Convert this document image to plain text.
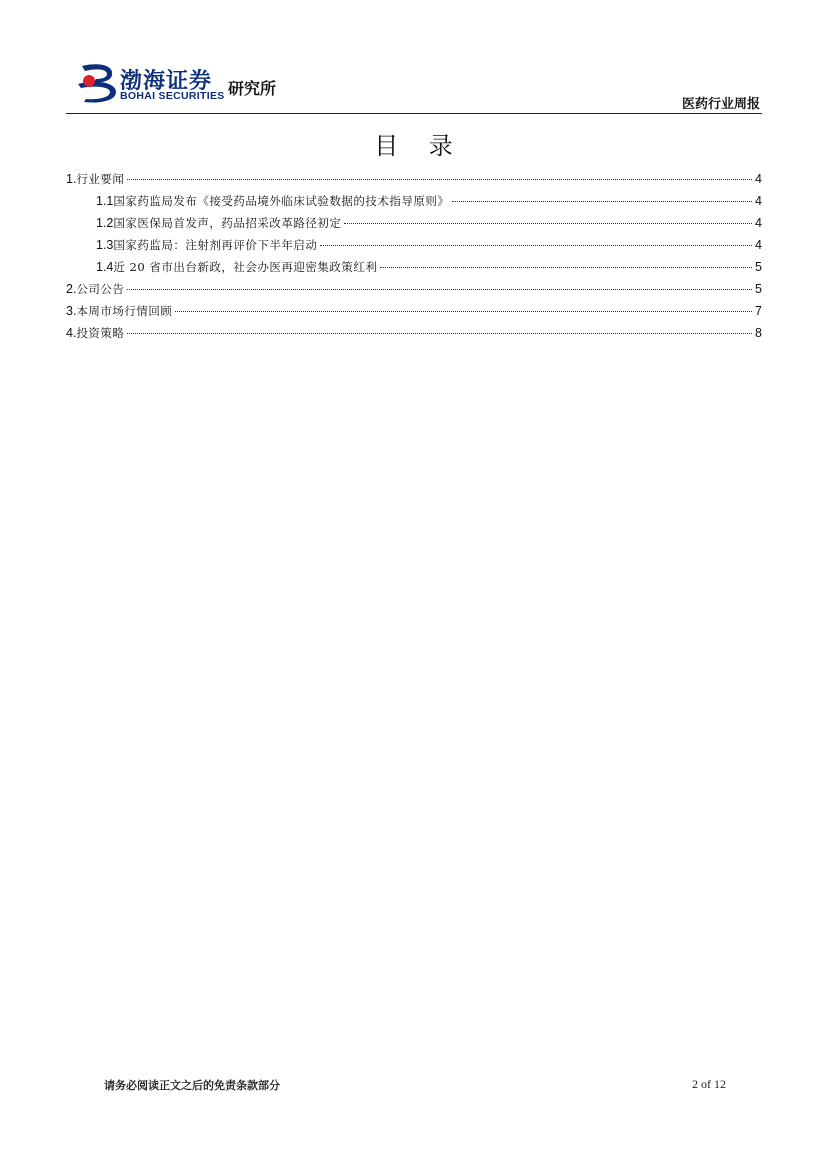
渤海证券
BOHAI SECURITIES 研究所
医药行业周报
目    录
1. 行业要闻	4
1.1 国家药监局发布《接受药品境外临床试验数据的技术指导原则》	4
1.2 国家医保局首发声，药品招采改革路径初定	4
1.3 国家药监局：注射剂再评价下半年启动	4
1.4 近 20 省市出台新政，社会办医再迎密集政策红利	5
2. 公司公告	5
3. 本周市场行情回顾	7
4. 投资策略	8
请务必阅读正文之后的免责条款部分	2 of 12
